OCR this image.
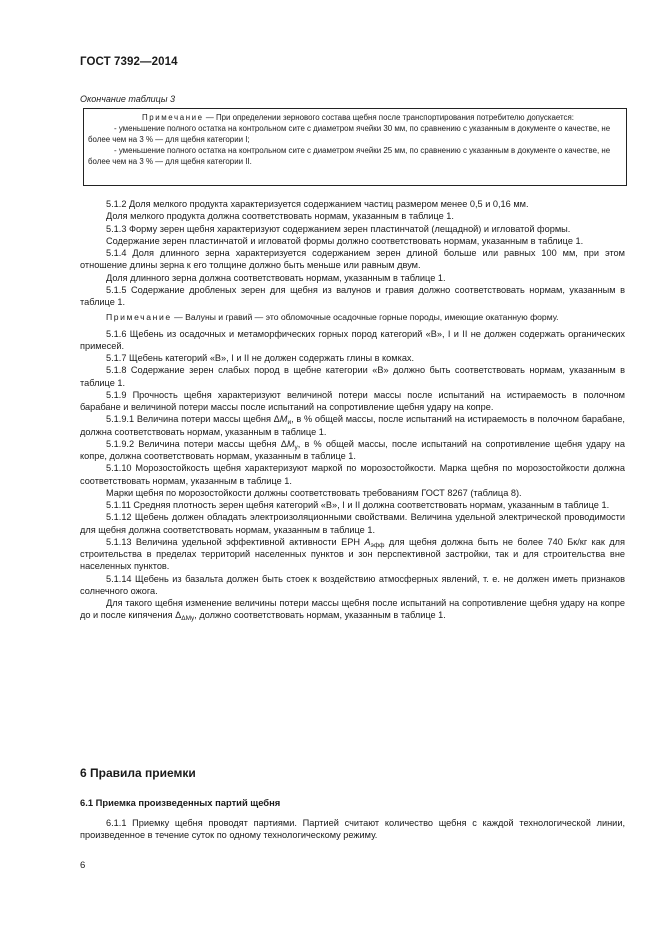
ГОСТ 7392—2014
Окончание таблицы 3

Примечание — При определении зернового состава щебня после транспортирования потребителю допускается:

- уменьшение полного остатка на контрольном сите с диаметром ячейки 30 мм, по сравнению с указанным в документе о качестве, не более чем на 3 % — для щебня категории I;

- уменьшение полного остатка на контрольном сите с диаметром ячейки 25 мм, по сравнению с указанным в документе о качестве, не более чем на 3 % — для щебня категории II.

5.1.2 Доля мелкого продукта характеризуется содержанием частиц размером менее 0,5 и 0,16 мм.

Доля мелкого продукта должна соответствовать нормам, указанным в таблице 1.

5.1.3 Форму зерен щебня характеризуют содержанием зерен пластинчатой (лещадной) и игловатой формы.

Содержание зерен пластинчатой и игловатой формы должно соответствовать нормам, указанным в таблице 1.

5.1.4 Доля длинного зерна характеризуется содержанием зерен длиной больше или равных 100 мм, при этом отношение длины зерна к его толщине должно быть меньше или равным двум.

Доля длинного зерна должна соответствовать нормам, указанным в таблице 1.

5.1.5 Содержание дробленых зерен для щебня из валунов и гравия должно соответствовать нормам, указанным в таблице 1.

Примечание — Валуны и гравий — это обломочные осадочные горные породы, имеющие окатанную форму.

5.1.6 Щебень из осадочных и метаморфических горных пород категорий «В», I и II не должен содержать органических примесей.

5.1.7 Щебень категорий «В», I и II не должен содержать глины в комках.

5.1.8 Содержание зерен слабых пород в щебне категории «В» должно быть соответствовать нормам, указанным в таблице 1.

5.1.9 Прочность щебня характеризуют величиной потери массы после испытаний на истираемость в полочном барабане и величиной потери массы после испытаний на сопротивление щебня удару на копре.

5.1.9.1 Величина потери массы щебня $\Delta M_и$, в % общей массы, после испытаний на истираемость в полочном барабане, должна соответствовать нормам, указанным в таблице 1.

5.1.9.2 Величина потери массы щебня $\Delta M_у$, в % общей массы, после испытаний на сопротивление щебня удару на копре, должна соответствовать нормам, указанным в таблице 1.

5.1.10 Морозостойкость щебня характеризуют маркой по морозостойкости. Марка щебня по морозостойкости должна соответствовать нормам, указанным в таблице 1.

Марки щебня по морозостойкости должны соответствовать требованиям ГОСТ 8267 (таблица 8).

5.1.11 Средняя плотность зерен щебня категорий «В», I и II должна соответствовать нормам, указанным в таблице 1.

5.1.12 Щебень должен обладать электроизоляционными свойствами. Величина удельной электрической проводимости для щебня должна соответствовать нормам, указанным в таблице 1.

5.1.13 Величина удельной эффективной активности ЕРН $A_{эфф}$ для щебня должна быть не более 740 Бк/кг как для строительства в пределах территорий населенных пунктов и зон перспективной застройки, так и для строительства вне населенных пунктов.

5.1.14 Щебень из базальта должен быть стоек к воздействию атмосферных явлений, т. е. не должен иметь признаков солнечного ожога.

Для такого щебня изменение величины потери массы щебня после испытаний на сопротивление щебня удару на копре до и после кипячения $\Delta_{\Delta Mу}$, должно соответствовать нормам, указанным в таблице 1.

6 Правила приемки
6.1 Приемка произведенных партий щебня

6.1.1 Приемку щебня проводят партиями. Партией считают количество щебня с каждой технологической линии, произведенное в течение суток по одному технологическому режиму.

6
